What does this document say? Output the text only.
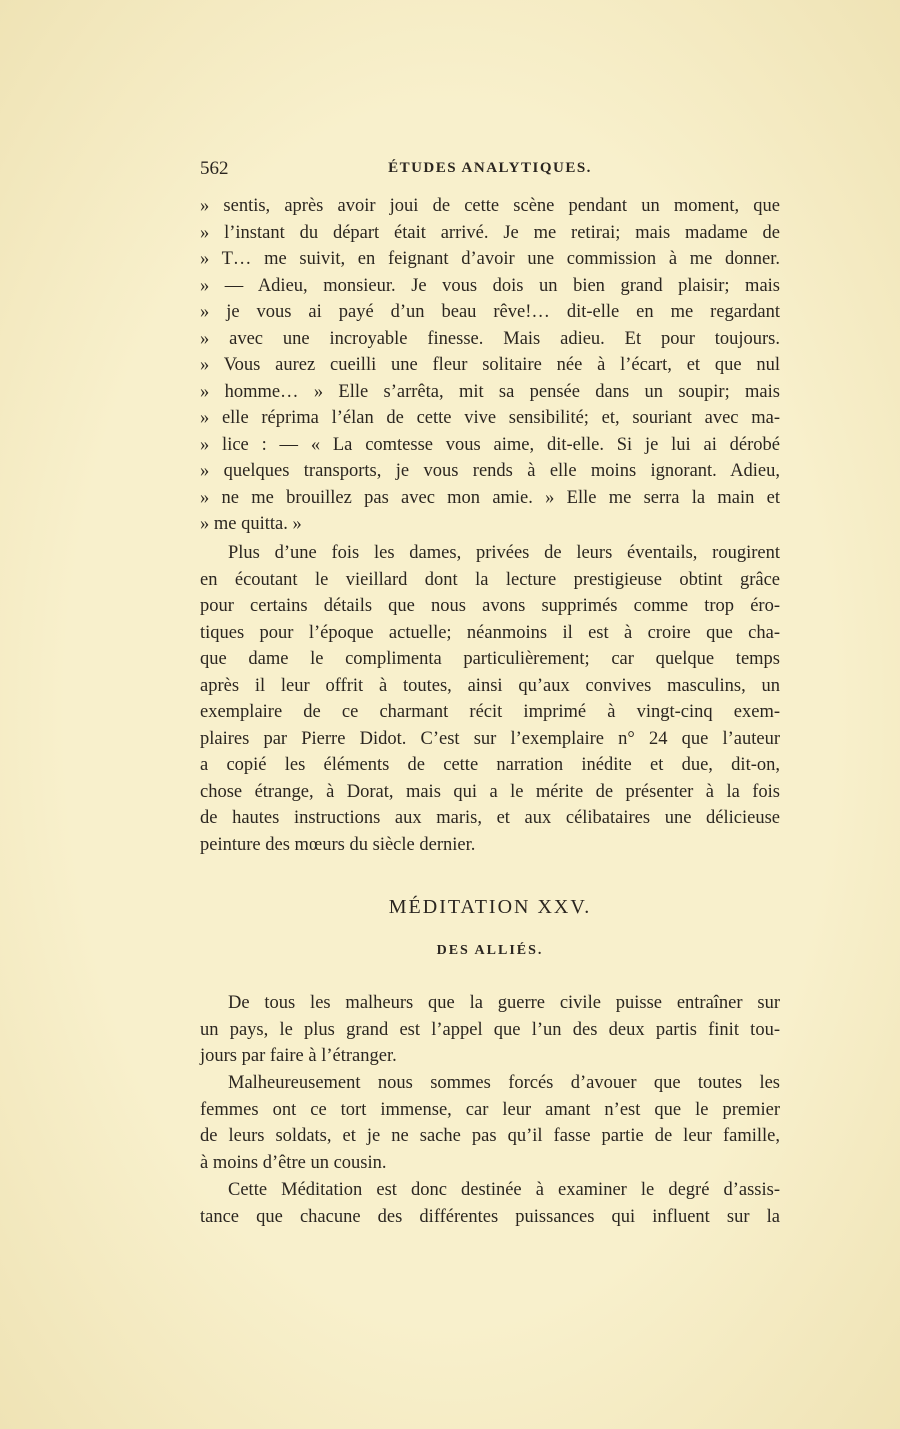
562	ÉTUDES ANALYTIQUES.
» sentis, après avoir joui de cette scène pendant un moment, que
» l’instant du départ était arrivé. Je me retirai; mais madame de
» T… me suivit, en feignant d’avoir une commission à me donner.
» — Adieu, monsieur. Je vous dois un bien grand plaisir; mais
» je vous ai payé d’un beau rêve!… dit-elle en me regardant
» avec une incroyable finesse. Mais adieu. Et pour toujours.
» Vous aurez cueilli une fleur solitaire née à l’écart, et que nul
» homme… » Elle s’arrêta, mit sa pensée dans un soupir; mais
» elle réprima l’élan de cette vive sensibilité; et, souriant avec ma-
» lice : — « La comtesse vous aime, dit-elle. Si je lui ai dérobé
» quelques transports, je vous rends à elle moins ignorant. Adieu,
» ne me brouillez pas avec mon amie. » Elle me serra la main et
» me quitta. »
Plus d’une fois les dames, privées de leurs éventails, rougirent
en écoutant le vieillard dont la lecture prestigieuse obtint grâce
pour certains détails que nous avons supprimés comme trop éro-
tiques pour l’époque actuelle; néanmoins il est à croire que cha-
que dame le complimenta particulièrement; car quelque temps
après il leur offrit à toutes, ainsi qu’aux convives masculins, un
exemplaire de ce charmant récit imprimé à vingt-cinq exem-
plaires par Pierre Didot. C’est sur l’exemplaire n° 24 que l’auteur
a copié les éléments de cette narration inédite et due, dit-on,
chose étrange, à Dorat, mais qui a le mérite de présenter à la fois
de hautes instructions aux maris, et aux célibataires une délicieuse
peinture des mœurs du siècle dernier.
MÉDITATION XXV.
DES ALLIÉS.
De tous les malheurs que la guerre civile puisse entraîner sur
un pays, le plus grand est l’appel que l’un des deux partis finit tou-
jours par faire à l’étranger.
Malheureusement nous sommes forcés d’avouer que toutes les
femmes ont ce tort immense, car leur amant n’est que le premier
de leurs soldats, et je ne sache pas qu’il fasse partie de leur famille,
à moins d’être un cousin.
Cette Méditation est donc destinée à examiner le degré d’assis-
tance que chacune des différentes puissances qui influent sur la
